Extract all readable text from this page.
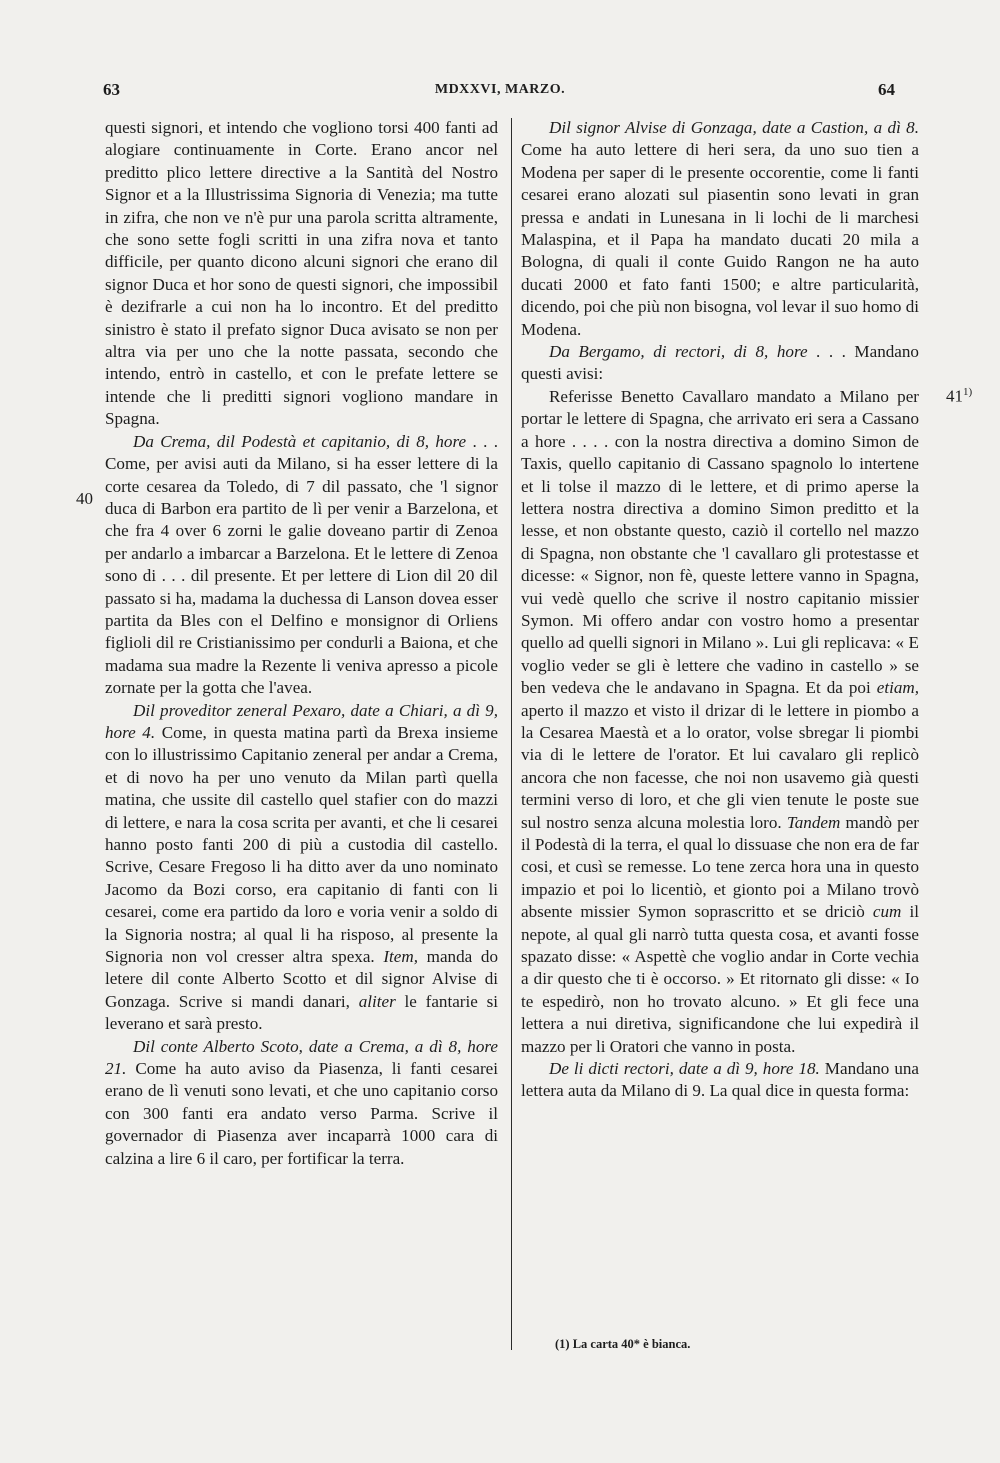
63	MDXXVI, MARZO.	64

questi signori, et intendo che vogliono torsi 400 fanti ad alogiare continuamente in Corte. Erano ancor nel preditto plico lettere directive a la Santità del Nostro Signor et a la Illustrissima Signoria di Venezia; ma tutte in zifra, che non ve n'è pur una parola scritta altramente, che sono sette fogli scritti in una zifra nova et tanto difficile, per quanto dicono alcuni signori che erano dil signor Duca et hor sono de questi signori, che impossibil è dezifrarle a cui non ha lo incontro. Et del preditto sinistro è stato il prefato signor Duca avisato se non per altra via per uno che la notte passata, secondo che intendo, entrò in castello, et con le prefate lettere se intende che li preditti signori vogliono mandare in Spagna.

Da Crema, dil Podestà et capitanio, di 8, hore . . . Come, per avisi auti da Milano, si ha esser lettere di la corte cesarea da Toledo, di 7 dil passato, che 'l signor duca di Barbon era partito de lì per venir a Barzelona, et che fra 4 over 6 zorni le galie doveano partir di Zenoa per andarlo a imbarcar a Barzelona. Et le lettere di Zenoa sono di . . . dil presente. Et per lettere di Lion dil 20 dil passato si ha, madama la duchessa di Lanson dovea esser partita da Bles con el Delfino e monsignor di Orliens figlioli dil re Cristianissimo per condurli a Baiona, et che madama sua madre la Rezente li veniva apresso a picole zornate per la gotta che l'avea.

Dil proveditor zeneral Pexaro, date a Chiari, a dì 9, hore 4. Come, in questa matina partì da Brexa insieme con lo illustrissimo Capitanio zeneral per andar a Crema, et di novo ha per uno venuto da Milan partì quella matina, che ussite dil castello quel stafier con do mazzi di lettere, e nara la cosa scrita per avanti, et che li cesarei hanno posto fanti 200 di più a custodia dil castello. Scrive, Cesare Fregoso li ha ditto aver da uno nominato Jacomo da Bozi corso, era capitanio di fanti con li cesarei, come era partido da loro e voria venir a soldo di la Signoria nostra; al qual li ha risposo, al presente la Signoria non vol cresser altra spexa. Item, manda do letere dil conte Alberto Scotto et dil signor Alvise di Gonzaga. Scrive si mandi danari, aliter le fantarie si leverano et sarà presto.

Dil conte Alberto Scoto, date a Crema, a dì 8, hore 21. Come ha auto aviso da Piasenza, li fanti cesarei erano de lì venuti sono levati, et che uno capitanio corso con 300 fanti era andato verso Parma. Scrive il governador di Piasenza aver incaparrà 1000 cara di calzina a lire 6 il caro, per fortificar la terra.

Dil signor Alvise di Gonzaga, date a Castion, a dì 8. Come ha auto lettere di heri sera, da uno suo tien a Modena per saper di le presente occorentie, come li fanti cesarei erano alozati sul piasentin sono levati in gran pressa e andati in Lunesana in li lochi de li marchesi Malaspina, et il Papa ha mandato ducati 20 mila a Bologna, di quali il conte Guido Rangon ne ha auto ducati 2000 et fato fanti 1500; e altre particularità, dicendo, poi che più non bisogna, vol levar il suo homo di Modena.

Da Bergamo, di rectori, di 8, hore . . . Mandano questi avisi:

Referisse Benetto Cavallaro mandato a Milano per portar le lettere di Spagna, che arrivato eri sera a Cassano a hore . . . . con la nostra directiva a domino Simon de Taxis, quello capitanio di Cassano spagnolo lo intertene et li tolse il mazzo di le lettere, et di primo aperse la lettera nostra directiva a domino Simon preditto et la lesse, et non obstante questo, caziò il cortello nel mazzo di Spagna, non obstante che 'l cavallaro gli protestasse et dicesse: « Signor, non fè, queste lettere vanno in Spagna, vui vedè quello che scrive il nostro capitanio missier Symon. Mi offero andar con vostro homo a presentar quello ad quelli signori in Milano ». Lui gli replicava: « E voglio veder se gli è lettere che vadino in castello » se ben vedeva che le andavano in Spagna. Et da poi etiam, aperto il mazzo et visto il drizar di le lettere in piombo a la Cesarea Maestà et a lo orator, volse sbregar li piombi via di le lettere de l'orator. Et lui cavalaro gli replicò ancora che non facesse, che noi non usavemo già questi termini verso di loro, et che gli vien tenute le poste sue sul nostro senza alcuna molestia loro. Tandem mandò per il Podestà di la terra, el qual lo dissuase che non era de far cosi, et cusì se remesse. Lo tene zerca hora una in questo impazio et poi lo licentiò, et gionto poi a Milano trovò absente missier Symon soprascritto et se driciò cum il nepote, al qual gli narrò tutta questa cosa, et avanti fosse spazato disse: « Aspettè che voglio andar in Corte vechia a dir questo che ti è occorso. » Et ritornato gli disse: « Io te espedirò, non ho trovato alcuno. » Et gli fece una lettera a nui diretiva, significandone che lui expedirà il mazzo per li Oratori che vanno in posta.

De li dicti rectori, date a dì 9, hore 18. Mandano una lettera auta da Milano di 9. La qual dice in questa forma:

40
41$^{1)}$
(1) La carta 40* è bianca.
